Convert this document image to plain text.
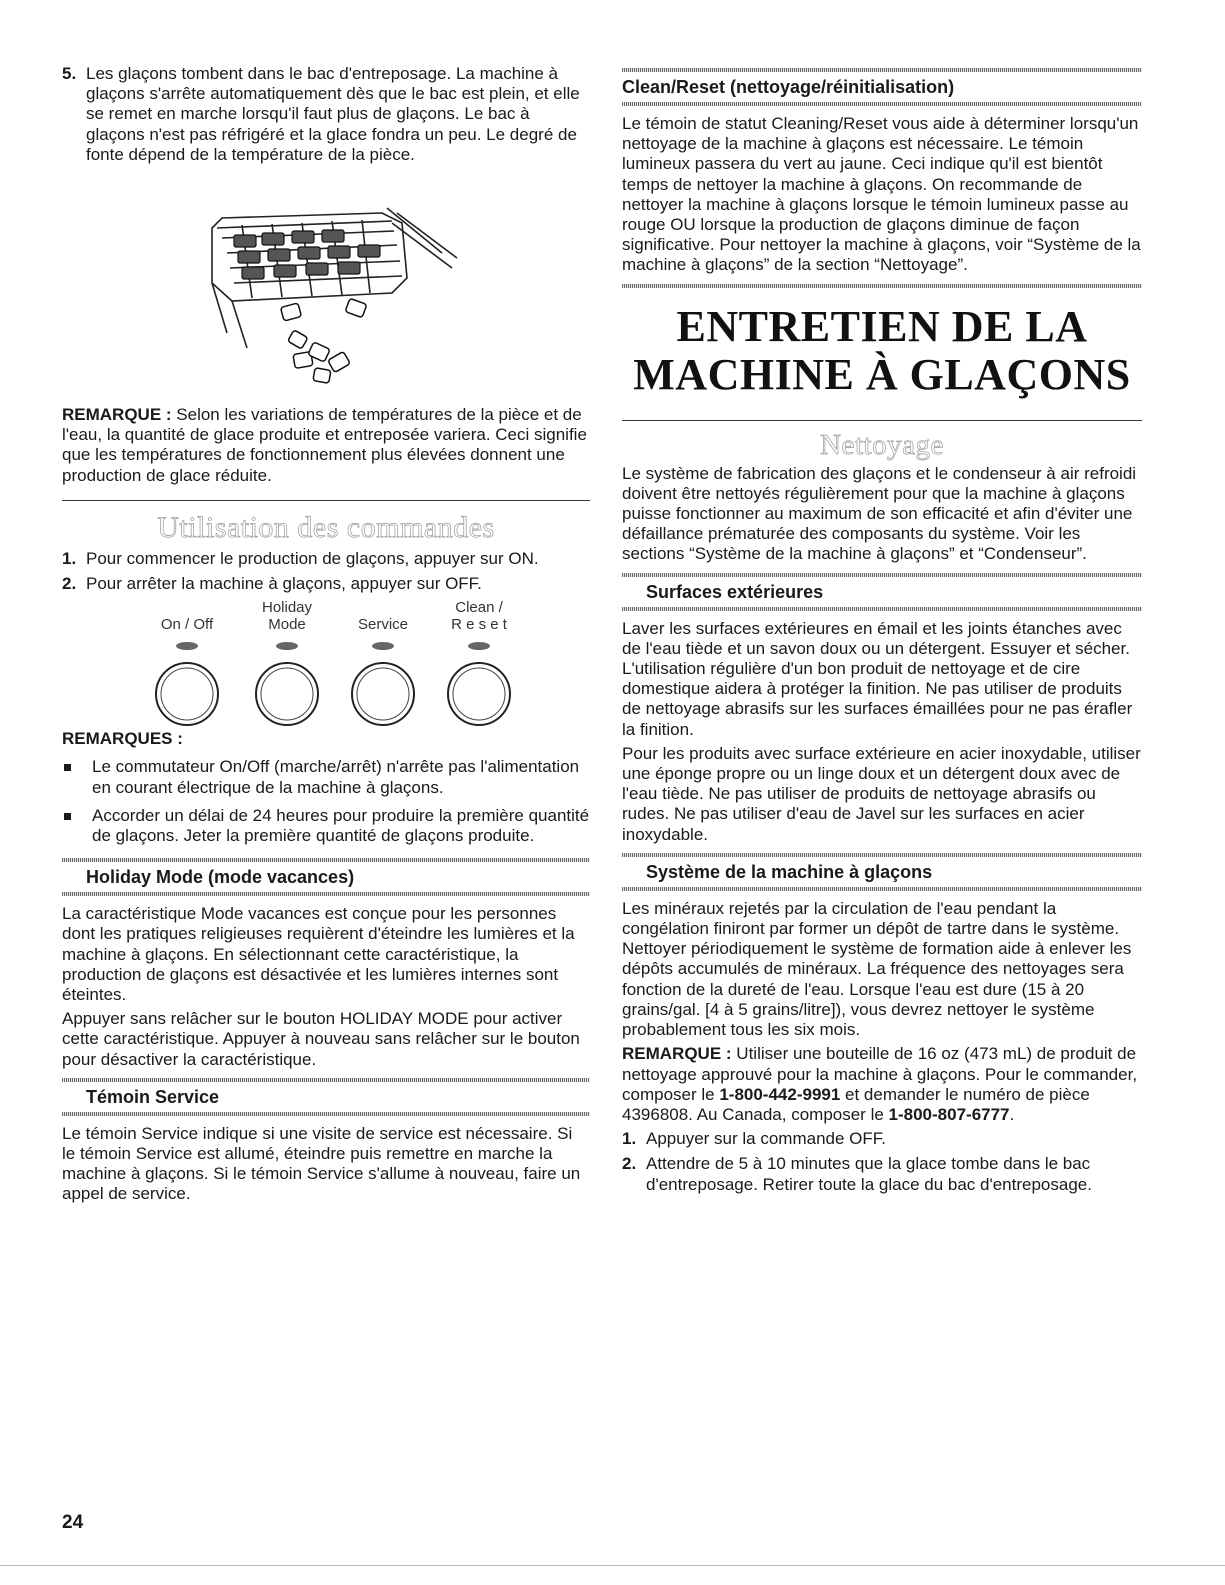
5. Les glaçons tombent dans le bac d'entreposage. La machine à glaçons s'arrête automatiquement dès que le bac est plein, et elle se remet en marche lorsqu'il faut plus de glaçons. Le bac à glaçons n'est pas réfrigéré et la glace fondra un peu. Le degré de fonte dépend de la température de la pièce.

REMARQUE : Selon les variations de températures de la pièce et de l'eau, la quantité de glace produite et entreposée variera. Ceci signifie que les températures de fonctionnement plus élevées donnent une production de glace réduite.

Utilisation des commandes
1. Pour commencer le production de glaçons, appuyer sur ON.
2. Pour arrêter la machine à glaçons, appuyer sur OFF.
On / Off
Holiday
Mode	Service
Clean /
R e s e t

REMARQUES :

Le commutateur On/Off (marche/arrêt) n'arrête pas l'alimentation en courant électrique de la machine à glaçons.
Accorder un délai de 24 heures pour produire la première quantité de glaçons. Jeter la première quantité de glaçons produite.
Holiday Mode (mode vacances)

La caractéristique Mode vacances est conçue pour les personnes dont les pratiques religieuses requièrent d'éteindre les lumières et la machine à glaçons. En sélectionnant cette caractéristique, la production de glaçons est désactivée et les lumières internes sont éteintes.

Appuyer sans relâcher sur le bouton HOLIDAY MODE pour activer cette caractéristique. Appuyer à nouveau sans relâcher sur le bouton pour désactiver la caractéristique.

Témoin Service

Le témoin Service indique si une visite de service est nécessaire. Si le témoin Service est allumé, éteindre puis remettre en marche la machine à glaçons. Si le témoin Service s'allume à nouveau, faire un appel de service.

Clean/Reset (nettoyage/réinitialisation)

Le témoin de statut Cleaning/Reset vous aide à déterminer lorsqu'un nettoyage de la machine à glaçons est nécessaire. Le témoin lumineux passera du vert au jaune. Ceci indique qu'il est bientôt temps de nettoyer la machine à glaçons. On recommande de nettoyer la machine à glaçons lorsque le témoin lumineux passe au rouge OU lorsque la production de glaçons diminue de façon significative. Pour nettoyer la machine à glaçons, voir “Système de la machine à glaçons” de la section “Nettoyage”.

ENTRETIEN DE LA
MACHINE À GLAÇONS
Nettoyage

Le système de fabrication des glaçons et le condenseur à air refroidi doivent être nettoyés régulièrement pour que la machine à glaçons puisse fonctionner au maximum de son efficacité et afin d'éviter une défaillance prématurée des composants du système. Voir les sections “Système de la machine à glaçons” et “Condenseur”.

Surfaces extérieures

Laver les surfaces extérieures en émail et les joints étanches avec de l'eau tiède et un savon doux ou un détergent. Essuyer et sécher. L'utilisation régulière d'un bon produit de nettoyage et de cire domestique aidera à protéger la finition. Ne pas utiliser de produits de nettoyage abrasifs sur les surfaces émaillées pour ne pas érafler la finition.

Pour les produits avec surface extérieure en acier inoxydable, utiliser une éponge propre ou un linge doux et un détergent doux avec de l'eau tiède. Ne pas utiliser de produits de nettoyage abrasifs ou rudes. Ne pas utiliser d'eau de Javel sur les surfaces en acier inoxydable.

Système de la machine à glaçons

Les minéraux rejetés par la circulation de l'eau pendant la congélation finiront par former un dépôt de tartre dans le système. Nettoyer périodiquement le système de formation aide à enlever les dépôts accumulés de minéraux. La fréquence des nettoyages sera fonction de la dureté de l'eau. Lorsque l'eau est dure (15 à 20 grains/gal. [4 à 5 grains/litre]), vous devrez nettoyer le système probablement tous les six mois.

REMARQUE : Utiliser une bouteille de 16 oz (473 mL) de produit de nettoyage approuvé pour la machine à glaçons. Pour le commander, composer le 1-800-442-9991 et demander le numéro de pièce 4396808. Au Canada, composer le 1-800-807-6777.

1. Appuyer sur la commande OFF.
2. Attendre de 5 à 10 minutes que la glace tombe dans le bac d'entreposage. Retirer toute la glace du bac d'entreposage.
24
